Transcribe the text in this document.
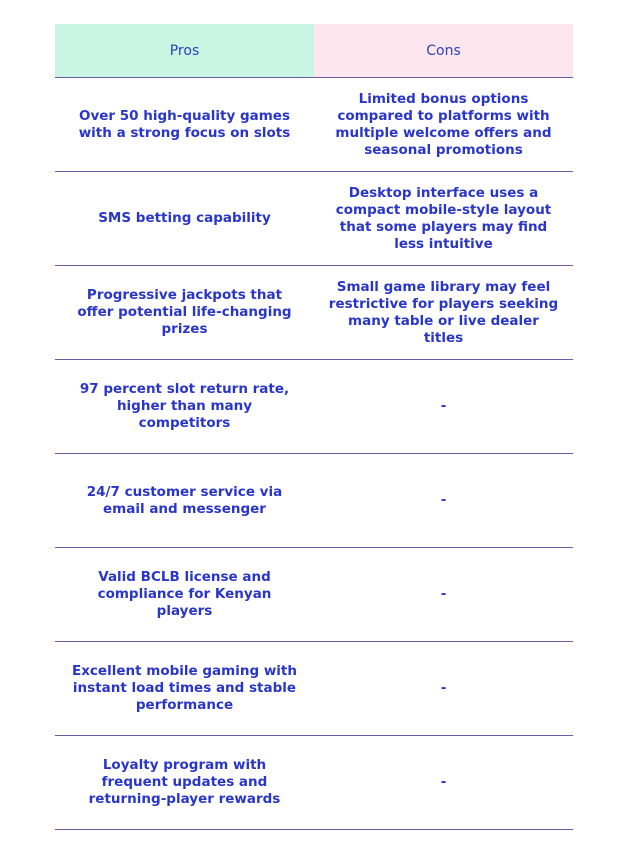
Pros	Cons
Over 50 high-quality games with a strong focus on slots
Limited bonus options compared to platforms with multiple welcome offers and seasonal promotions
SMS betting capability
Desktop interface uses a compact mobile-style layout that some players may find less intuitive
Progressive jackpots that offer potential life-changing prizes
Small game library may feel restrictive for players seeking many table or live dealer titles
97 percent slot return rate, higher than many competitors
-
24/7 customer service via email and messenger
-
Valid BCLB license and compliance for Kenyan players
-
Excellent mobile gaming with instant load times and stable performance
-
Loyalty program with frequent updates and returning-player rewards
-
